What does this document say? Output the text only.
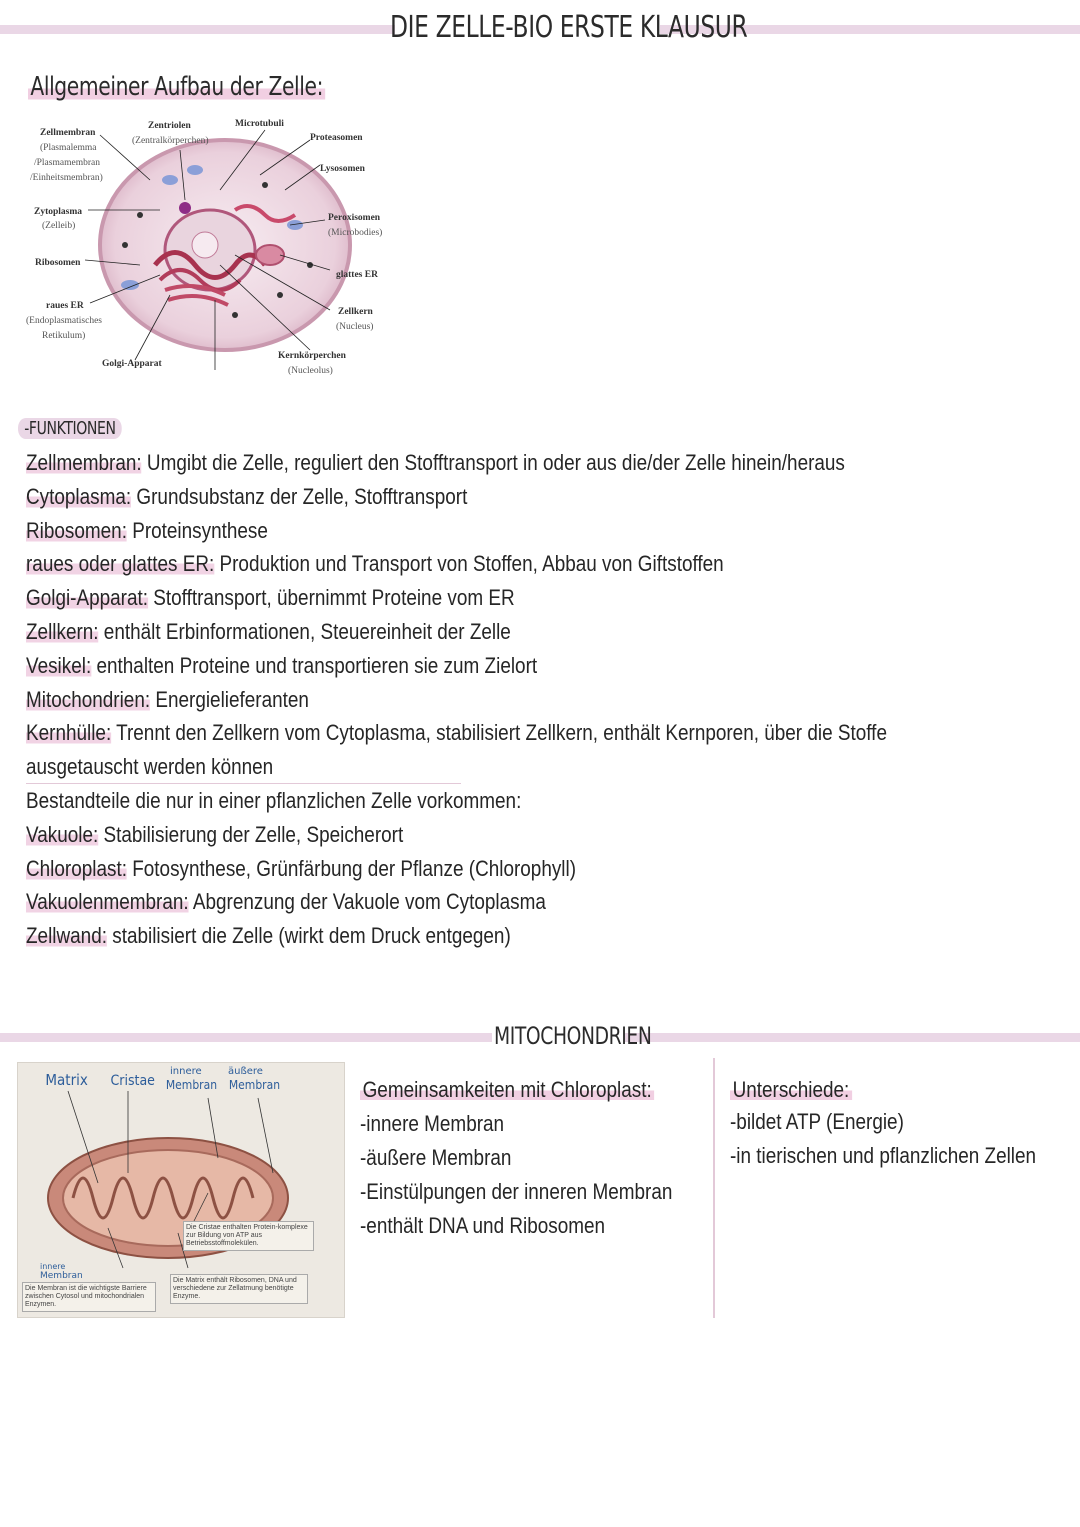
DIE ZELLE-BIO ERSTE KLAUSUR
Allgemeiner Aufbau der Zelle:
Zellmembran
(Plasmalemma
/Plasmamembran
/Einheitsmembran)
Zentriolen
(Zentralkörperchen)
Microtubuli
Proteasomen
Lysosomen
Zytoplasma
(Zelleib)
Peroxisomen
(Microbodies)
Ribosomen
glattes ER
raues ER
(Endoplasmatisches
Retikulum)
Zellkern
(Nucleus)
Golgi-Apparat
Kernkörperchen
(Nucleolus)
-FUNKTIONEN
Zellmembran: Umgibt die Zelle, reguliert den Stofftransport in oder aus die/der Zelle hinein/heraus
Cytoplasma: Grundsubstanz der Zelle, Stofftransport
Ribosomen: Proteinsynthese
raues oder glattes ER: Produktion und Transport von Stoffen, Abbau von Giftstoffen
Golgi-Apparat: Stofftransport, übernimmt Proteine vom ER
Zellkern: enthält Erbinformationen, Steuereinheit der Zelle
Vesikel: enthalten Proteine und transportieren sie zum Zielort
Mitochondrien: Energielieferanten
Kernhülle: Trennt den Zellkern vom Cytoplasma, stabilisiert Zellkern, enthält Kernporen, über die Stoffe
ausgetauscht werden können
Bestandteile die nur in einer pflanzlichen Zelle vorkommen:
Vakuole: Stabilisierung der Zelle, Speicherort
Chloroplast: Fotosynthese, Grünfärbung der Pflanze (Chlorophyll)
Vakuolenmembran: Abgrenzung der Vakuole vom Cytoplasma
Zellwand: stabilisiert die Zelle (wirkt dem Druck entgegen)
MITOCHONDRIEN
Matrix Cristae
innere
Membran
äußere
Membran
Die Cristae enthalten Protein-komplexe zur Bildung von ATP aus Betriebsstoffmolekülen.
innere
Membran
Die Membran ist die wichtigste Barriere zwischen Cytosol und mitochondrialen Enzymen.
Die Matrix enthält Ribosomen, DNA und verschiedene zur Zellatmung benötigte Enzyme.
Gemeinsamkeiten mit Chloroplast:
-innere Membran
-äußere Membran
-Einstülpungen der inneren Membran
-enthält DNA und Ribosomen
Unterschiede:
-bildet ATP (Energie)
-in tierischen und pflanzlichen Zellen
